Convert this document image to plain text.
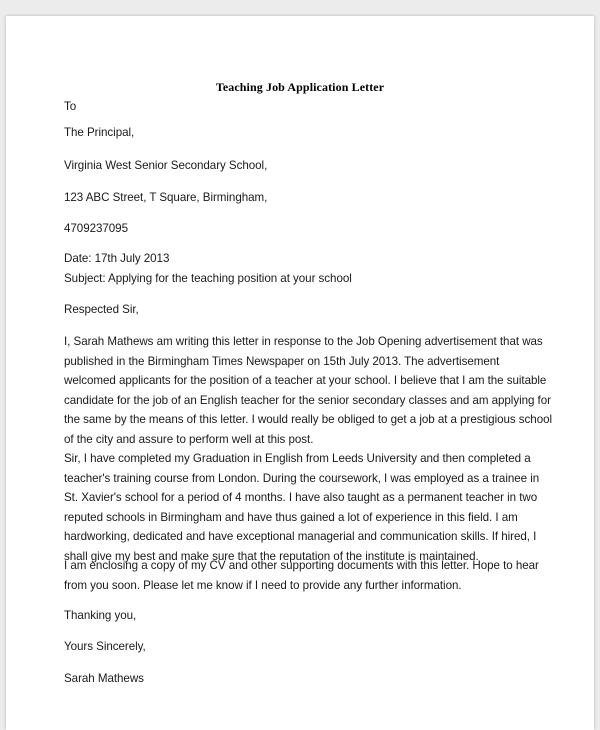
Teaching Job Application Letter
To
The Principal,
Virginia West Senior Secondary School,
123 ABC Street, T Square, Birmingham,
4709237095
Date: 17th July 2013
Subject: Applying for the teaching position at your school
Respected Sir,
I, Sarah Mathews am writing this letter in response to the Job Opening advertisement that was
published in the Birmingham Times Newspaper on 15th July 2013. The advertisement
welcomed applicants for the position of a teacher at your school. I believe that I am the suitable
candidate for the job of an English teacher for the senior secondary classes and am applying for
the same by the means of this letter. I would really be obliged to get a job at a prestigious school
of the city and assure to perform well at this post.
Sir, I have completed my Graduation in English from Leeds University and then completed a
teacher's training course from London. During the coursework, I was employed as a trainee in
St. Xavier's school for a period of 4 months. I have also taught as a permanent teacher in two
reputed schools in Birmingham and have thus gained a lot of experience in this field. I am
hardworking, dedicated and have exceptional managerial and communication skills. If hired, I
shall give my best and make sure that the reputation of the institute is maintained.
I am enclosing a copy of my CV and other supporting documents with this letter. Hope to hear
from you soon. Please let me know if I need to provide any further information.
Thanking you,
Yours Sincerely,
Sarah Mathews
